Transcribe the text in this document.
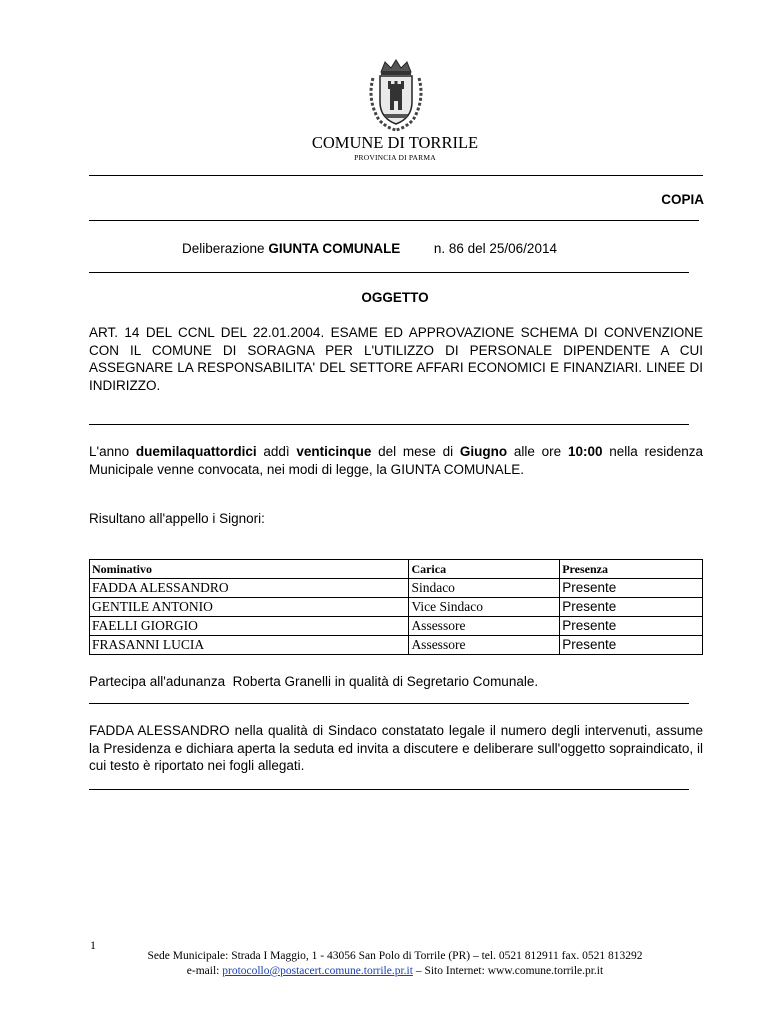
COMUNE DI TORRILE
PROVINCIA DI PARMA
COPIA
Deliberazione GIUNTA COMUNALE n. 86 del 25/06/2014
OGGETTO
ART. 14 DEL CCNL DEL 22.01.2004. ESAME ED APPROVAZIONE SCHEMA DI CONVENZIONE CON IL COMUNE DI SORAGNA PER L'UTILIZZO DI PERSONALE DIPENDENTE A CUI ASSEGNARE LA RESPONSABILITA' DEL SETTORE AFFARI ECONOMICI E FINANZIARI. LINEE DI INDIRIZZO.
L'anno duemilaquattordici addì venticinque del mese di Giugno alle ore 10:00 nella residenza Municipale venne convocata, nei modi di legge, la GIUNTA COMUNALE.
Risultano all'appello i Signori:
Nominativo	Carica	Presenza
FADDA ALESSANDRO	Sindaco	Presente
GENTILE ANTONIO	Vice Sindaco	Presente
FAELLI GIORGIO	Assessore	Presente
FRASANNI LUCIA	Assessore	Presente
Partecipa all'adunanza  Roberta Granelli in qualità di Segretario Comunale.
FADDA ALESSANDRO nella qualità di Sindaco constatato legale il numero degli intervenuti, assume la Presidenza e dichiara aperta la seduta ed invita a discutere e deliberare sull'oggetto sopraindicato, il cui testo è riportato nei fogli allegati.
1
Sede Municipale: Strada I Maggio, 1 - 43056 San Polo di Torrile (PR) – tel. 0521 812911 fax. 0521 813292
e-mail: protocollo@postacert.comune.torrile.pr.it – Sito Internet: www.comune.torrile.pr.it
